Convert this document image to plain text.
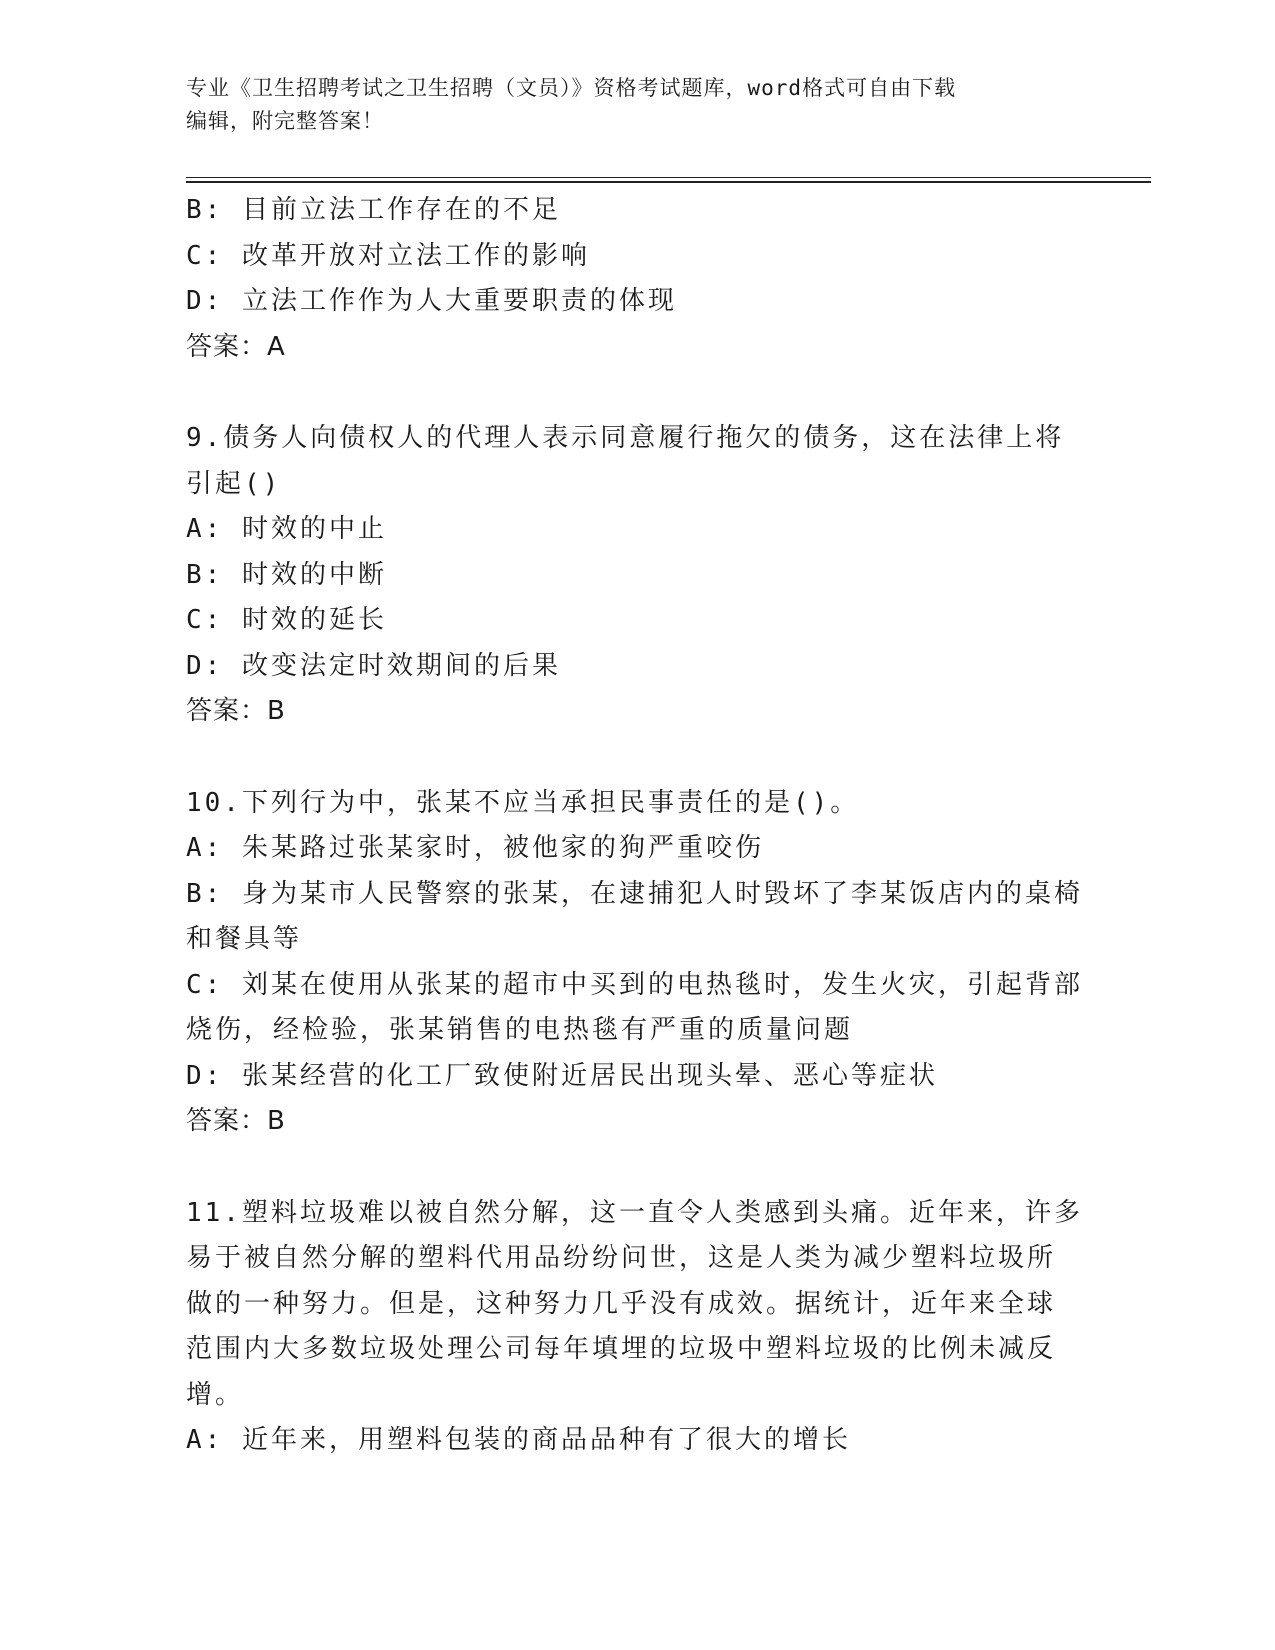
专业《卫生招聘考试之卫生招聘（文员）》资格考试题库，word格式可自由下载
编辑，附完整答案！
B: 目前立法工作存在的不足
C: 改革开放对立法工作的影响
D: 立法工作作为人大重要职责的体现
答案：A
9.债务人向债权人的代理人表示同意履行拖欠的债务，这在法律上将
引起()
A: 时效的中止
B: 时效的中断
C: 时效的延长
D: 改变法定时效期间的后果
答案：B
10.下列行为中，张某不应当承担民事责任的是()。
A: 朱某路过张某家时，被他家的狗严重咬伤
B: 身为某市人民警察的张某，在逮捕犯人时毁坏了李某饭店内的桌椅
和餐具等
C: 刘某在使用从张某的超市中买到的电热毯时，发生火灾，引起背部
烧伤，经检验，张某销售的电热毯有严重的质量问题
D: 张某经营的化工厂致使附近居民出现头晕、恶心等症状
答案：B
11.塑料垃圾难以被自然分解，这一直令人类感到头痛。近年来，许多
易于被自然分解的塑料代用品纷纷问世，这是人类为减少塑料垃圾所
做的一种努力。但是，这种努力几乎没有成效。据统计，近年来全球
范围内大多数垃圾处理公司每年填埋的垃圾中塑料垃圾的比例未减反
增。
A: 近年来，用塑料包装的商品品种有了很大的增长
